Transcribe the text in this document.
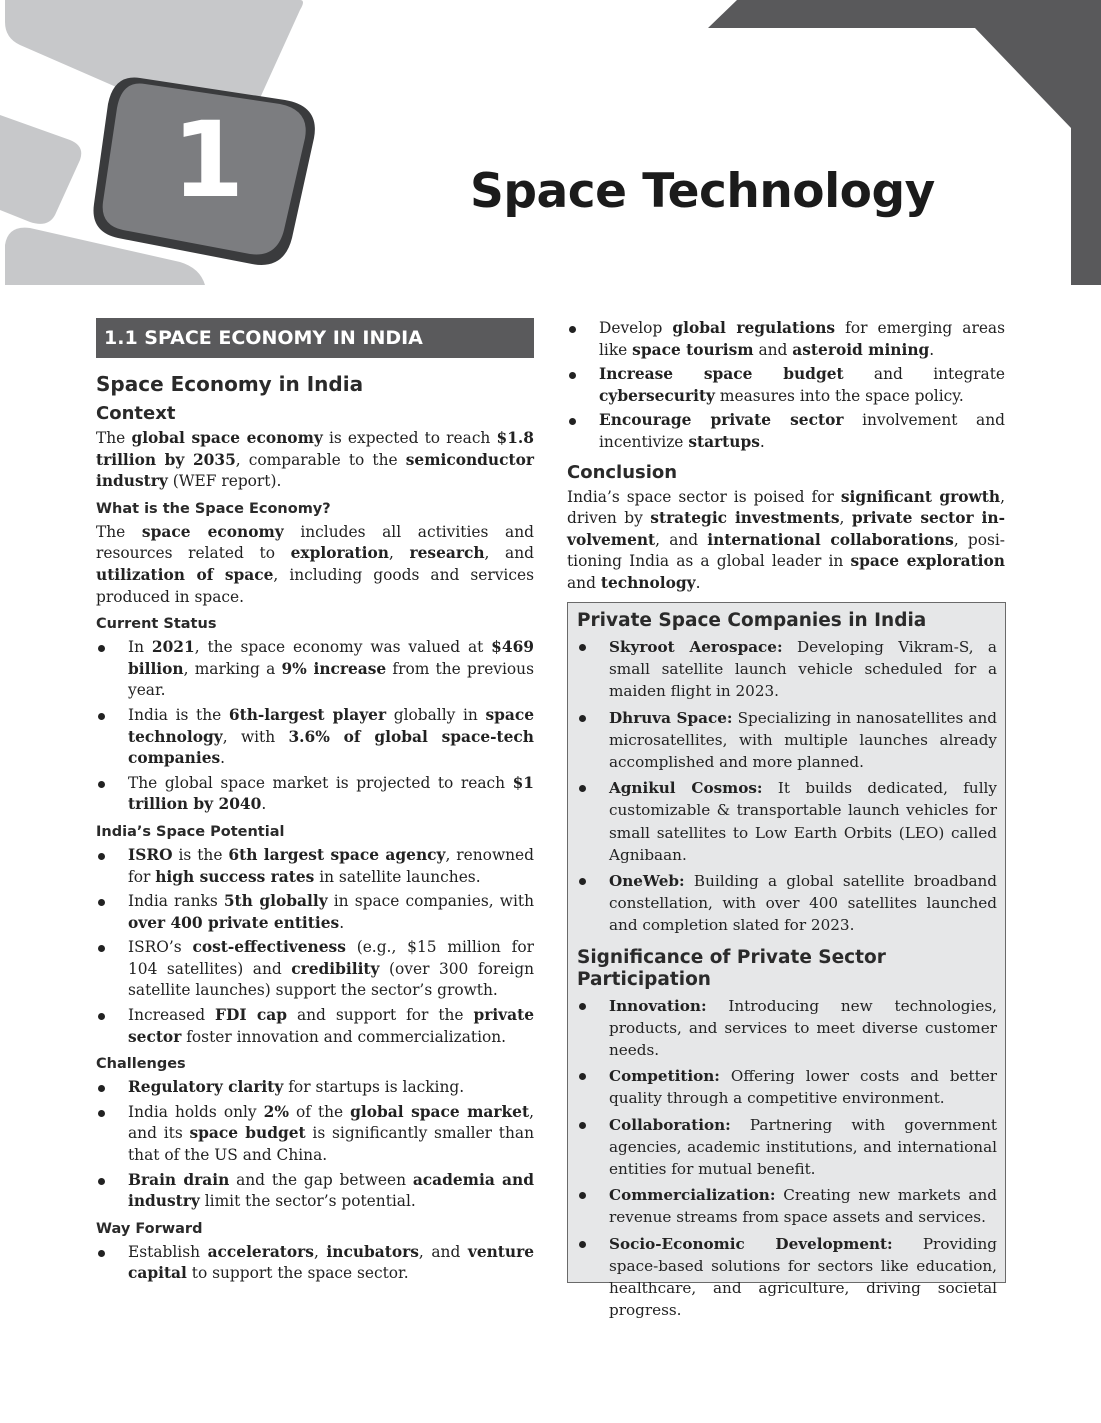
1	Space Technology
1.1 SPACE ECONOMY IN INDIA
Space Economy in India
Context

The global space economy is expected to reach $1.8 trillion by 2035, comparable to the semiconductor industry (WEF report).

What is the Space Economy?

The space economy includes all activities and resources related to exploration, research, and utilization of space, including goods and services produced in space.

Current Status
In 2021, the space economy was valued at $469 billion, marking a 9% increase from the previous year.
India is the 6th-largest player globally in space technology, with 3.6% of global space-tech companies.
The global space market is projected to reach $1 trillion by 2040.
India’s Space Potential
ISRO is the 6th largest space agency, renowned for high success rates in satellite launches.
India ranks 5th globally in space companies, with over 400 private entities.
ISRO’s cost-effectiveness (e.g., $15 million for 104 satellites) and credibility (over 300 foreign satellite launches) support the sector’s growth.
Increased FDI cap and support for the private sector foster innovation and commercialization.
Challenges
Regulatory clarity for startups is lacking.
India holds only 2% of the global space market, and its space budget is significantly smaller than that of the US and China.
Brain drain and the gap between academia and industry limit the sector’s potential.
Way Forward
Establish accelerators, incubators, and venture capital to support the space sector.
Develop global regulations for emerging areas like space tourism and asteroid mining.
Increase space budget and integrate cybersecurity measures into the space policy.
Encourage private sector involvement and incentivize startups.
Conclusion

India’s space sector is poised for significant growth, driven by strategic investments, private sector involvement, and international collaborations, positioning India as a global leader in space exploration and technology.

Private Space Companies in India
Skyroot Aerospace: Developing Vikram-S, a small satellite launch vehicle scheduled for a maiden flight in 2023.
Dhruva Space: Specializing in nanosatellites and microsatellites, with multiple launches already accomplished and more planned.
Agnikul Cosmos: It builds dedicated, fully customizable & transportable launch vehicles for small satellites to Low Earth Orbits (LEO) called Agnibaan.
OneWeb: Building a global satellite broadband constellation, with over 400 satellites launched and completion slated for 2023.
Significance of Private Sector Participation
Innovation: Introducing new technologies, products, and services to meet diverse customer needs.
Competition: Offering lower costs and better quality through a competitive environment.
Collaboration: Partnering with government agencies, academic institutions, and international entities for mutual benefit.
Commercialization: Creating new markets and revenue streams from space assets and services.
Socio-Economic Development: Providing space-based solutions for sectors like education, healthcare, and agriculture, driving societal progress.
